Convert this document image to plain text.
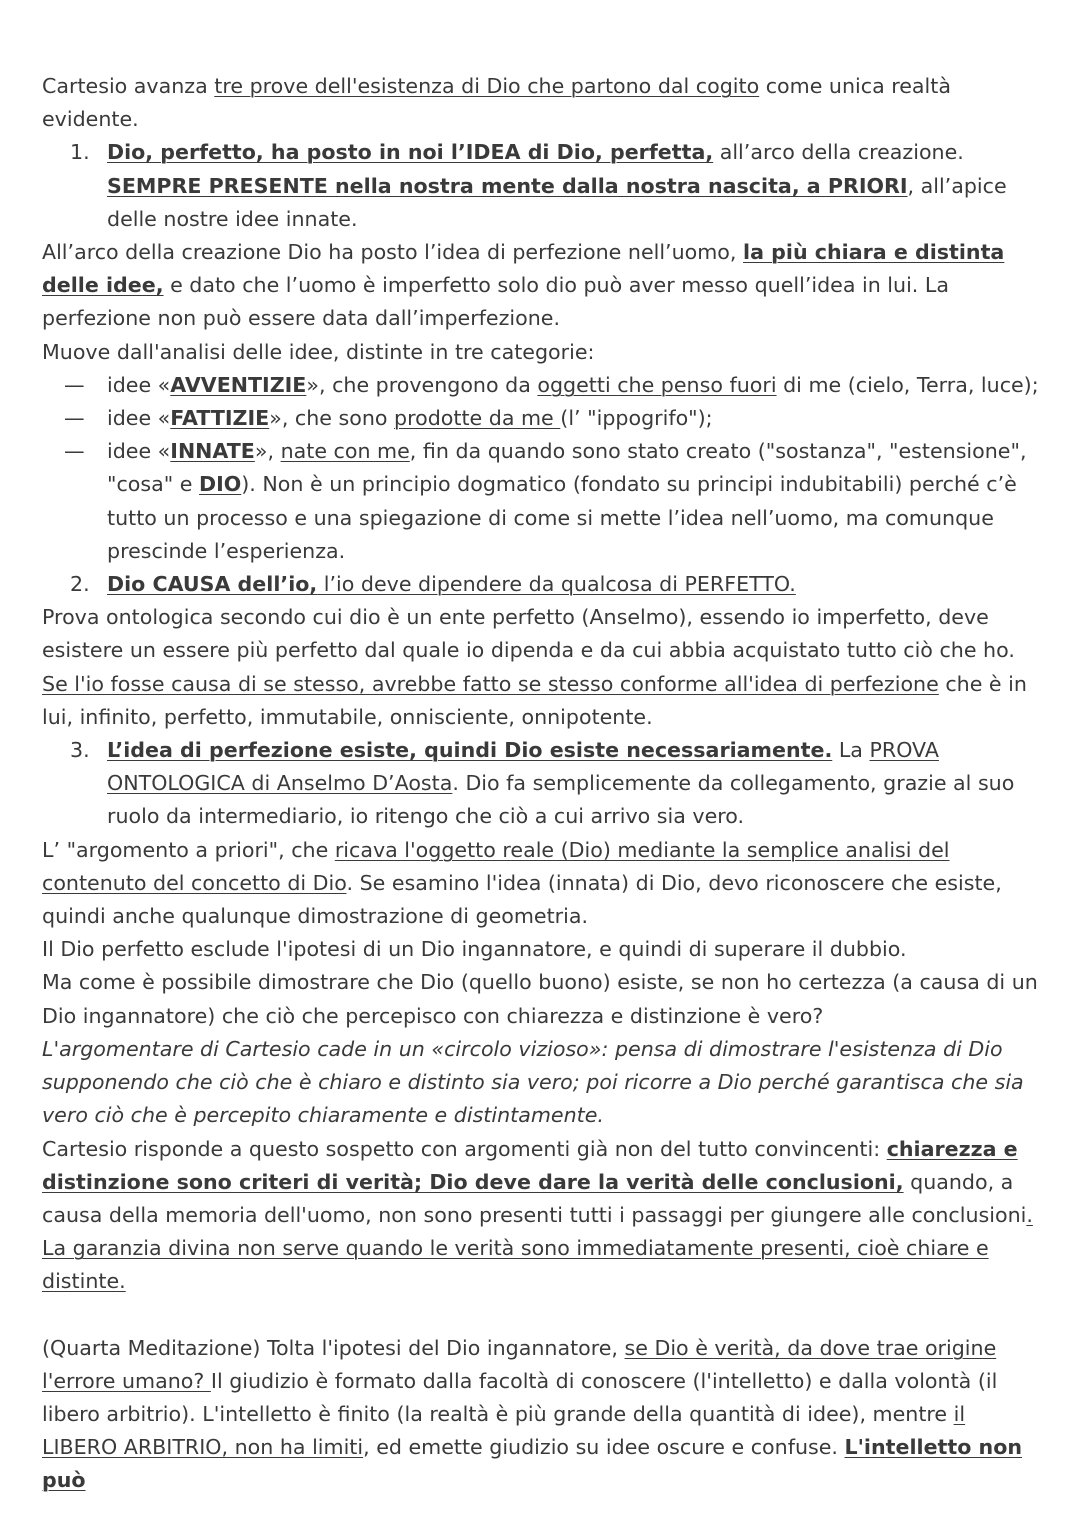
Cartesio avanza tre prove dell'esistenza di Dio che partono dal cogito come unica realtà evidente.

1. Dio, perfetto, ha posto in noi l’IDEA di Dio, perfetta, all’arco della creazione. SEMPRE PRESENTE nella nostra mente dalla nostra nascita, a PRIORI, all’apice delle nostre idee innate.

All’arco della creazione Dio ha posto l’idea di perfezione nell’uomo, la più chiara e distinta delle idee, e dato che l’uomo è imperfetto solo dio può aver messo quell’idea in lui. La perfezione non può essere data dall’imperfezione.

Muove dall'analisi delle idee, distinte in tre categorie:

— idee «AVVENTIZIE», che provengono da oggetti che penso fuori di me (cielo, Terra, luce);

— idee «FATTIZIE», che sono prodotte da me (l’ "ippogrifo");

— idee «INNATE», nate con me, fin da quando sono stato creato ("sostanza", "estensione", "cosa" e DIO). Non è un principio dogmatico (fondato su principi indubitabili) perché c’è tutto un processo e una spiegazione di come si mette l’idea nell’uomo, ma comunque prescinde l’esperienza.

2. Dio CAUSA dell’io, l’io deve dipendere da qualcosa di PERFETTO.

Prova ontologica secondo cui dio è un ente perfetto (Anselmo), essendo io imperfetto, deve esistere un essere più perfetto dal quale io dipenda e da cui abbia acquistato tutto ciò che ho. Se l'io fosse causa di se stesso, avrebbe fatto se stesso conforme all'idea di perfezione che è in lui, infinito, perfetto, immutabile, onnisciente, onnipotente.

3. L’idea di perfezione esiste, quindi Dio esiste necessariamente. La PROVA ONTOLOGICA di Anselmo D’Aosta. Dio fa semplicemente da collegamento, grazie al suo ruolo da intermediario, io ritengo che ciò a cui arrivo sia vero.

L’ "argomento a priori", che ricava l'oggetto reale (Dio) mediante la semplice analisi del contenuto del concetto di Dio. Se esamino l'idea (innata) di Dio, devo riconoscere che esiste, quindi anche qualunque dimostrazione di geometria.

Il Dio perfetto esclude l'ipotesi di un Dio ingannatore, e quindi di superare il dubbio.

Ma come è possibile dimostrare che Dio (quello buono) esiste, se non ho certezza (a causa di un Dio ingannatore) che ciò che percepisco con chiarezza e distinzione è vero?

L'argomentare di Cartesio cade in un «circolo vizioso»: pensa di dimostrare l'esistenza di Dio supponendo che ciò che è chiaro e distinto sia vero; poi ricorre a Dio perché garantisca che sia vero ciò che è percepito chiaramente e distintamente.

Cartesio risponde a questo sospetto con argomenti già non del tutto convincenti: chiarezza e distinzione sono criteri di verità; Dio deve dare la verità delle conclusioni, quando, a causa della memoria dell'uomo, non sono presenti tutti i passaggi per giungere alle conclusioni. La garanzia divina non serve quando le verità sono immediatamente presenti, cioè chiare e distinte.

(Quarta Meditazione) Tolta l'ipotesi del Dio ingannatore, se Dio è verità, da dove trae origine l'errore umano? Il giudizio è formato dalla facoltà di conoscere (l'intelletto) e dalla volontà (il libero arbitrio). L'intelletto è finito (la realtà è più grande della quantità di idee), mentre il LIBERO ARBITRIO, non ha limiti, ed emette giudizio su idee oscure e confuse. L'intelletto non può
